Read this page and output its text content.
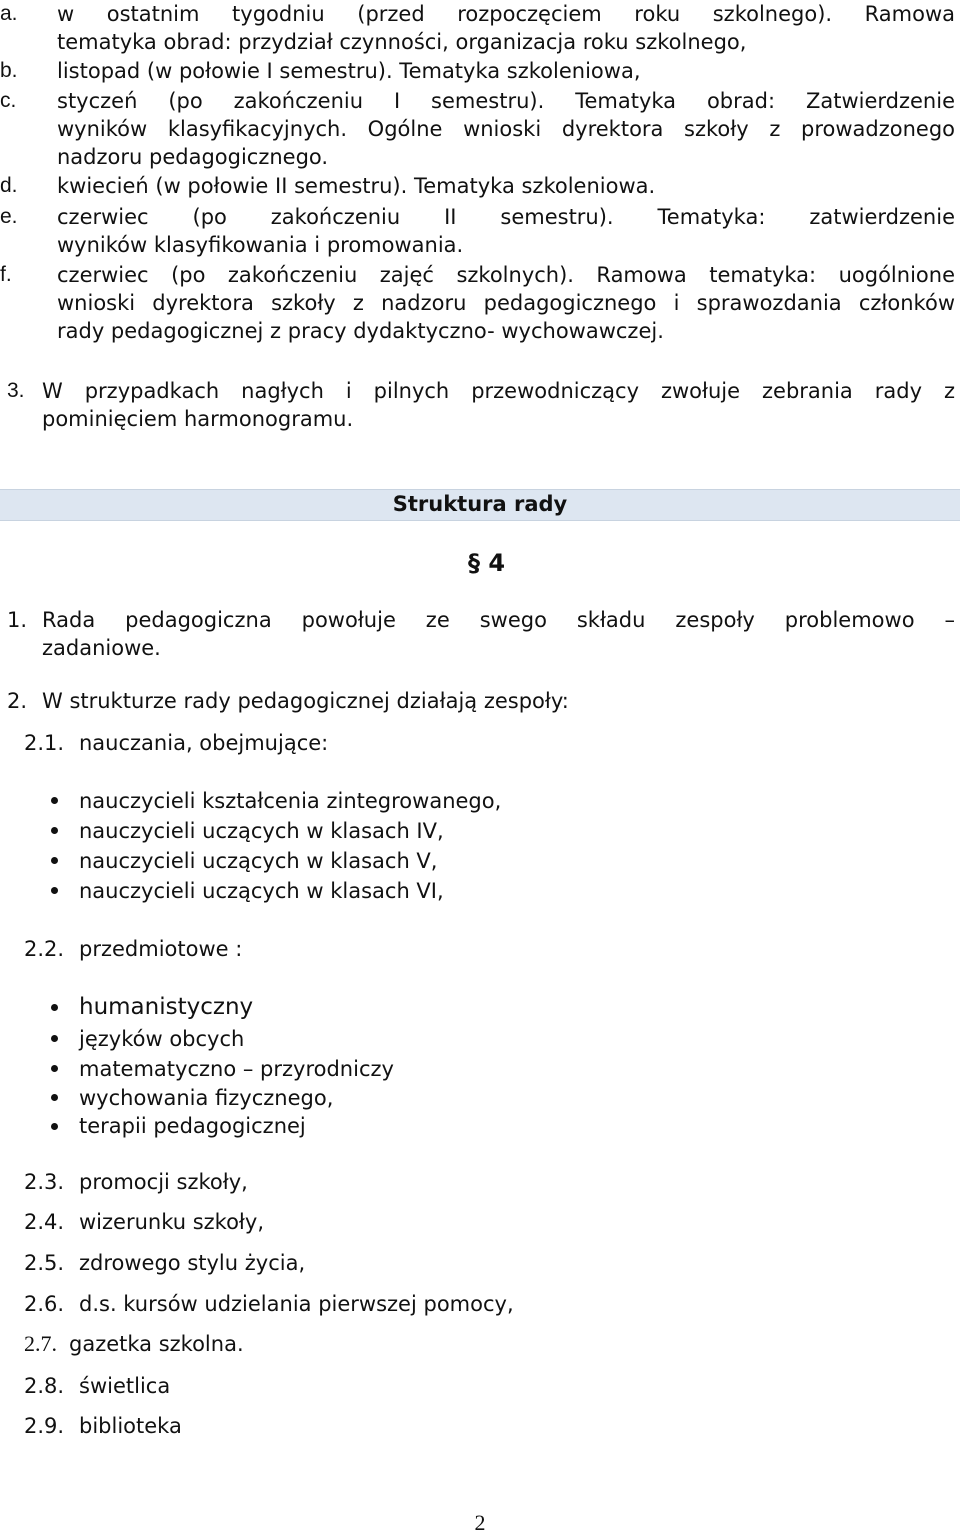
a. w ostatnim tygodniu (przed rozpoczęciem roku szkolnego). Ramowa
tematyka obrad: przydział czynności, organizacja roku szkolnego,
b. listopad (w połowie I semestru). Tematyka szkoleniowa,
c. styczeń (po zakończeniu I semestru). Tematyka obrad: Zatwierdzenie
wyników klasyfikacyjnych. Ogólne wnioski dyrektora szkoły z prowadzonego
nadzoru pedagogicznego.
d. kwiecień (w połowie II semestru). Tematyka szkoleniowa.
e. czerwiec (po zakończeniu II semestru). Tematyka: zatwierdzenie
wyników klasyfikowania i promowania.
f. czerwiec (po zakończeniu zajęć szkolnych). Ramowa tematyka: uogólnione
wnioski dyrektora szkoły z nadzoru pedagogicznego i sprawozdania członków
rady pedagogicznej z pracy dydaktyczno- wychowawczej.
3. W przypadkach nagłych i pilnych przewodniczący zwołuje zebrania rady z
pominięciem harmonogramu.
Struktura rady
§ 4
1. Rada pedagogiczna powołuje ze swego składu zespoły problemowo –
zadaniowe.
2. W strukturze rady pedagogicznej działają zespoły:
2.1. nauczania, obejmujące:
nauczycieli kształcenia zintegrowanego,
nauczycieli uczących w klasach IV,
nauczycieli uczących w klasach V,
nauczycieli uczących w klasach VI,
2.2. przedmiotowe :
humanistyczny
języków obcych
matematyczno – przyrodniczy
wychowania fizycznego,
terapii pedagogicznej
2.3. promocji szkoły,
2.4. wizerunku szkoły,
2.5. zdrowego stylu życia,
2.6. d.s. kursów udzielania pierwszej pomocy,
2.7. gazetka szkolna.
2.8. świetlica
2.9. biblioteka
2
